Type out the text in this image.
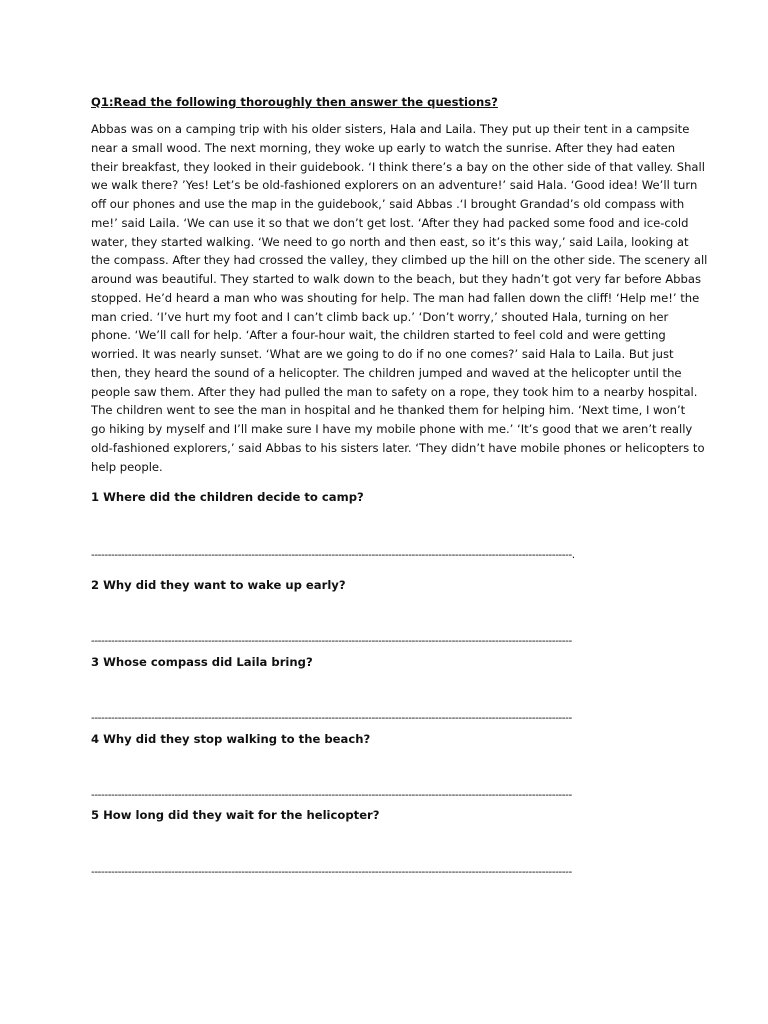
Q1:Read the following thoroughly then answer the questions?

Abbas was on a camping trip with his older sisters, Hala and Laila. They put up their tent in a campsite
near a small wood. The next morning, they woke up early to watch the sunrise. After they had eaten
their breakfast, they looked in their guidebook. ‘I think there’s a bay on the other side of that valley. Shall
we walk there? ’Yes! Let’s be old-fashioned explorers on an adventure!’ said Hala. ‘Good idea! We’ll turn
off our phones and use the map in the guidebook,’ said Abbas .‘I brought Grandad’s old compass with
me!’ said Laila. ‘We can use it so that we don’t get lost. ‘After they had packed some food and ice-cold
water, they started walking. ‘We need to go north and then east, so it’s this way,’ said Laila, looking at
the compass. After they had crossed the valley, they climbed up the hill on the other side. The scenery all
around was beautiful. They started to walk down to the beach, but they hadn’t got very far before Abbas
stopped. He’d heard a man who was shouting for help. The man had fallen down the cliff! ‘Help me!’ the
man cried. ‘I’ve hurt my foot and I can’t climb back up.’ ‘Don’t worry,’ shouted Hala, turning on her
phone. ‘We’ll call for help. ‘After a four-hour wait, the children started to feel cold and were getting
worried. It was nearly sunset. ‘What are we going to do if no one comes?’ said Hala to Laila. But just
then, they heard the sound of a helicopter. The children jumped and waved at the helicopter until the
people saw them. After they had pulled the man to safety on a rope, they took him to a nearby hospital.
The children went to see the man in hospital and he thanked them for helping him. ‘Next time, I won’t
go hiking by myself and I’ll make sure I have my mobile phone with me.’ ‘It’s good that we aren’t really
old-fashioned explorers,’ said Abbas to his sisters later. ‘They didn’t have mobile phones or helicopters to
help people.

1 Where did the children decide to camp?
------------------------------------------------------------------------------------------------------------------------------------------------.
2 Why did they want to wake up early?
------------------------------------------------------------------------------------------------------------------------------------------------
3 Whose compass did Laila bring?
------------------------------------------------------------------------------------------------------------------------------------------------
4 Why did they stop walking to the beach?
------------------------------------------------------------------------------------------------------------------------------------------------
5 How long did they wait for the helicopter?
------------------------------------------------------------------------------------------------------------------------------------------------
